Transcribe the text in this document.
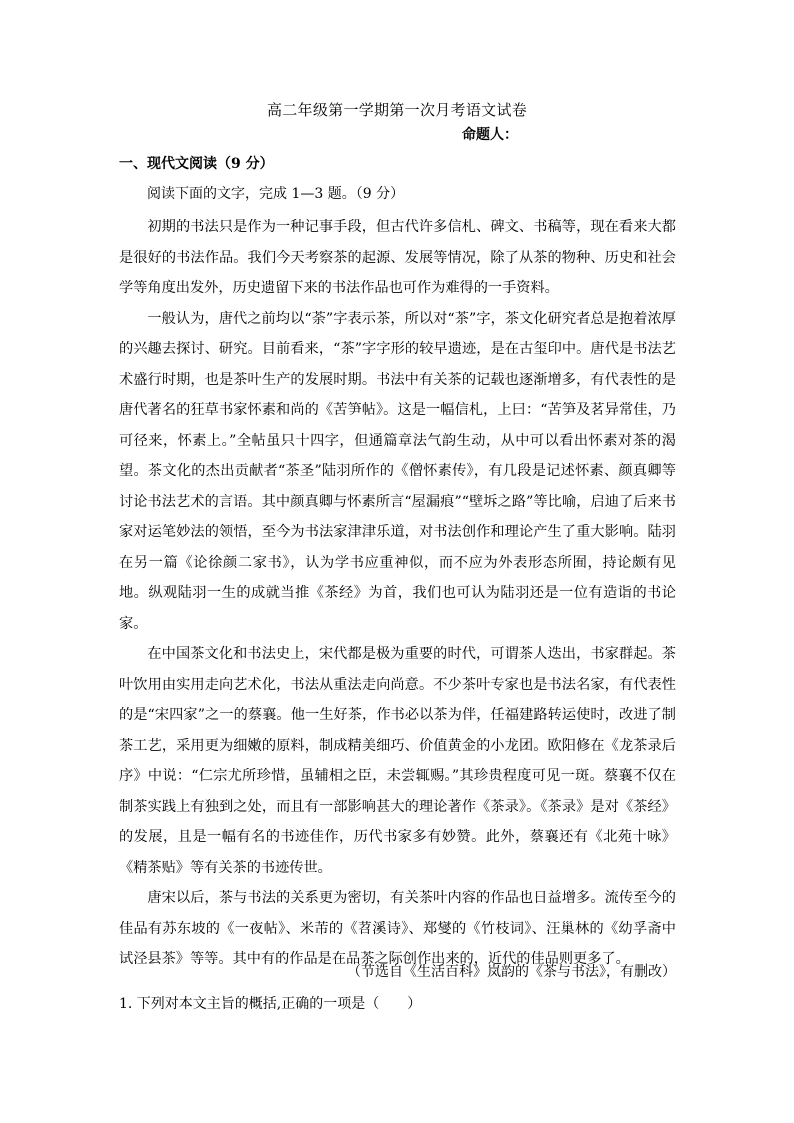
高二年级第一学期第一次月考语文试卷
命题人：
一、现代文阅读（9 分）
阅读下面的文字，完成 1—3 题。（9 分）

初期的书法只是作为一种记事手段，但古代许多信札、碑文、书稿等，现在看来大都是很好的书法作品。我们今天考察茶的起源、发展等情况，除了从茶的物种、历史和社会学等角度出发外，历史遗留下来的书法作品也可作为难得的一手资料。

一般认为，唐代之前均以“荼”字表示茶，所以对“茶”字，茶文化研究者总是抱着浓厚的兴趣去探讨、研究。目前看来，“茶”字字形的较早遗迹，是在古玺印中。唐代是书法艺术盛行时期，也是茶叶生产的发展时期。书法中有关茶的记载也逐渐增多，有代表性的是唐代著名的狂草书家怀素和尚的《苦笋帖》。这是一幅信札，上曰：“苦笋及茗异常佳，乃可径来，怀素上。”全帖虽只十四字，但通篇章法气韵生动，从中可以看出怀素对茶的渴望。茶文化的杰出贡献者“茶圣”陆羽所作的《僧怀素传》，有几段是记述怀素、颜真卿等讨论书法艺术的言语。其中颜真卿与怀素所言“屋漏痕”“壁坼之路”等比喻，启迪了后来书家对运笔妙法的领悟，至今为书法家津津乐道，对书法创作和理论产生了重大影响。陆羽在另一篇《论徐颜二家书》，认为学书应重神似，而不应为外表形态所囿，持论颇有见地。纵观陆羽一生的成就当推《茶经》为首，我们也可认为陆羽还是一位有造诣的书论家。

在中国茶文化和书法史上，宋代都是极为重要的时代，可谓茶人迭出，书家群起。茶叶饮用由实用走向艺术化，书法从重法走向尚意。不少茶叶专家也是书法名家，有代表性的是“宋四家”之一的蔡襄。他一生好茶，作书必以茶为伴，任福建路转运使时，改进了制茶工艺，采用更为细嫩的原料，制成精美细巧、价值黄金的小龙团。欧阳修在《龙茶录后序》中说：“仁宗尤所珍惜，虽辅相之臣，未尝辄赐。”其珍贵程度可见一斑。蔡襄不仅在制茶实践上有独到之处，而且有一部影响甚大的理论著作《茶录》。《茶录》是对《茶经》的发展，且是一幅有名的书迹佳作，历代书家多有妙赞。此外，蔡襄还有《北苑十咏》《精茶贴》等有关茶的书迹传世。

唐宋以后，茶与书法的关系更为密切，有关茶叶内容的作品也日益增多。流传至今的佳品有苏东坡的《一夜帖》、米芾的《苕溪诗》、郑燮的《竹枝词》、汪巢林的《幼孚斋中试泾县茶》等等。其中有的作品是在品茶之际创作出来的，近代的佳品则更多了。

（节选自《生活百科》岚韵的《茶与书法》，有删改）
1. 下列对本文主旨的概括,正确的一项是（　　）
